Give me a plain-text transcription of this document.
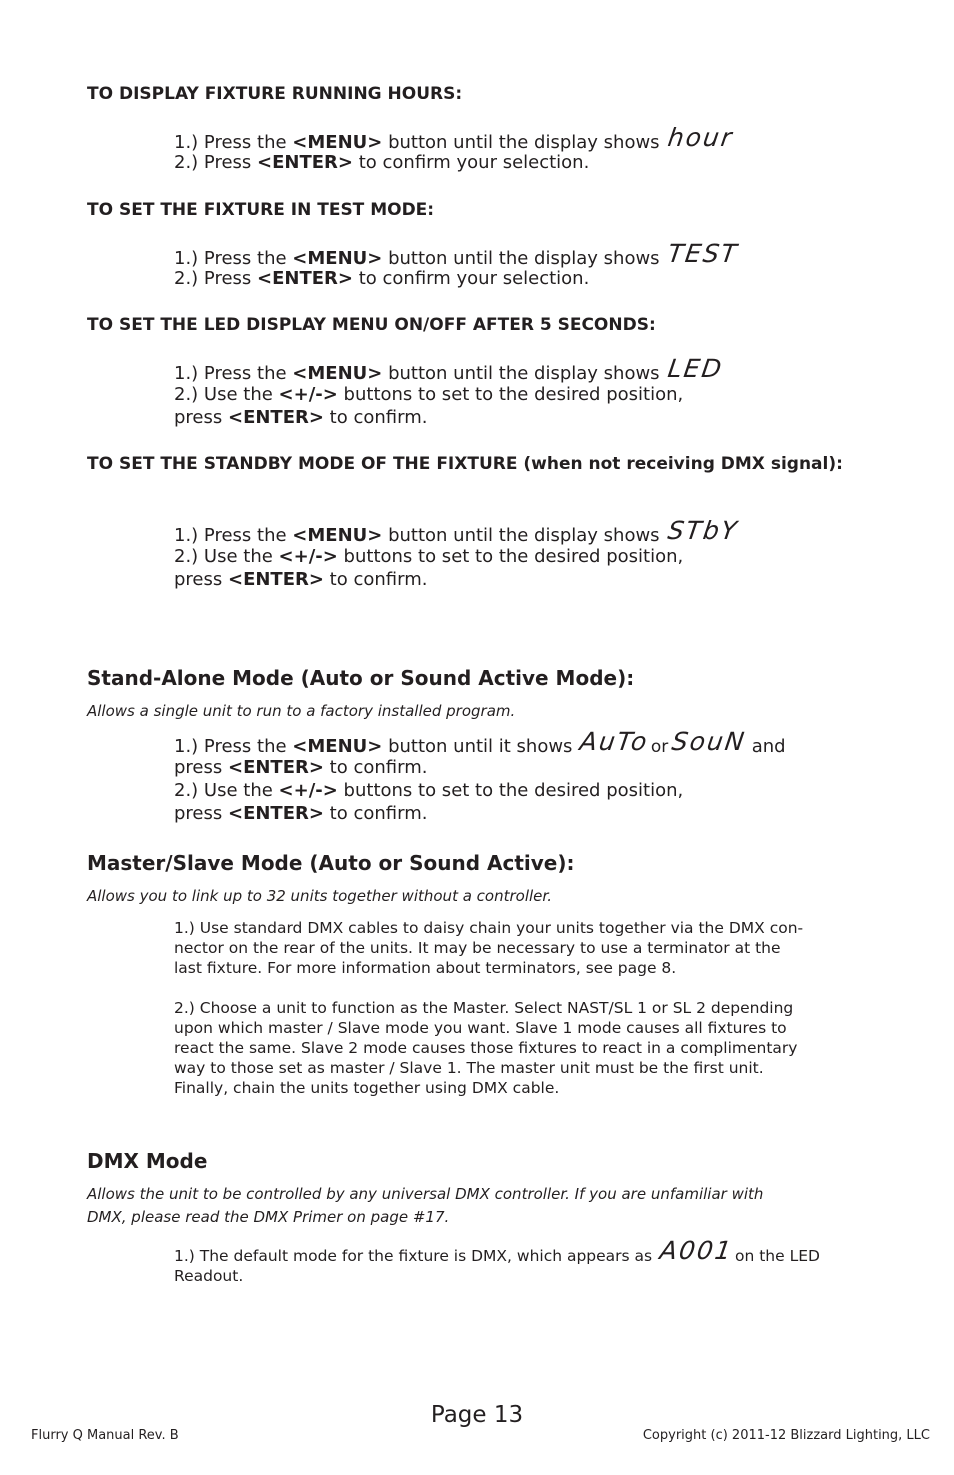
TO DISPLAY FIXTURE RUNNING HOURS:
1.) Press the <MENU> button until the display shows hour
2.) Press <ENTER> to confirm your selection.
TO SET THE FIXTURE IN TEST MODE:
1.) Press the <MENU> button until the display shows TEST
2.) Press <ENTER> to confirm your selection.
TO SET THE LED DISPLAY MENU ON/OFF AFTER 5 SECONDS:
1.) Press the <MENU> button until the display shows LED
2.) Use the <+/-> buttons to set to the desired position,
press <ENTER> to confirm.
TO SET THE STANDBY MODE OF THE FIXTURE (when not receiving DMX signal):
1.) Press the <MENU> button until the display shows STbY
2.) Use the <+/-> buttons to set to the desired position,
press <ENTER> to confirm.
Stand-Alone Mode (Auto or Sound Active Mode):
Allows a single unit to run to a factory installed program.
1.) Press the <MENU> button until it shows AuToorSouN and
press <ENTER> to confirm.
2.) Use the <+/-> buttons to set to the desired position,
press <ENTER> to confirm.
Master/Slave Mode (Auto or Sound Active):
Allows you to link up to 32 units together without a controller.
1.) Use standard DMX cables to daisy chain your units together via the DMX con-
nector on the rear of the units. It may be necessary to use a terminator at the
last fixture. For more information about terminators, see page 8.
2.) Choose a unit to function as the Master. Select NAST/SL 1 or SL 2 depending
upon which master / Slave mode you want. Slave 1 mode causes all fixtures to
react the same. Slave 2 mode causes those fixtures to react in a complimentary
way to those set as master / Slave 1. The master unit must be the first unit.
Finally, chain the units together using DMX cable.
DMX Mode
Allows the unit to be controlled by any universal DMX controller. If you are unfamiliar with
DMX, please read the DMX Primer on page #17.
1.) The default mode for the fixture is DMX, which appears as A001on the LED
Readout.
Page 13
Flurry Q Manual Rev. B	Copyright (c) 2011-12 Blizzard Lighting, LLC
